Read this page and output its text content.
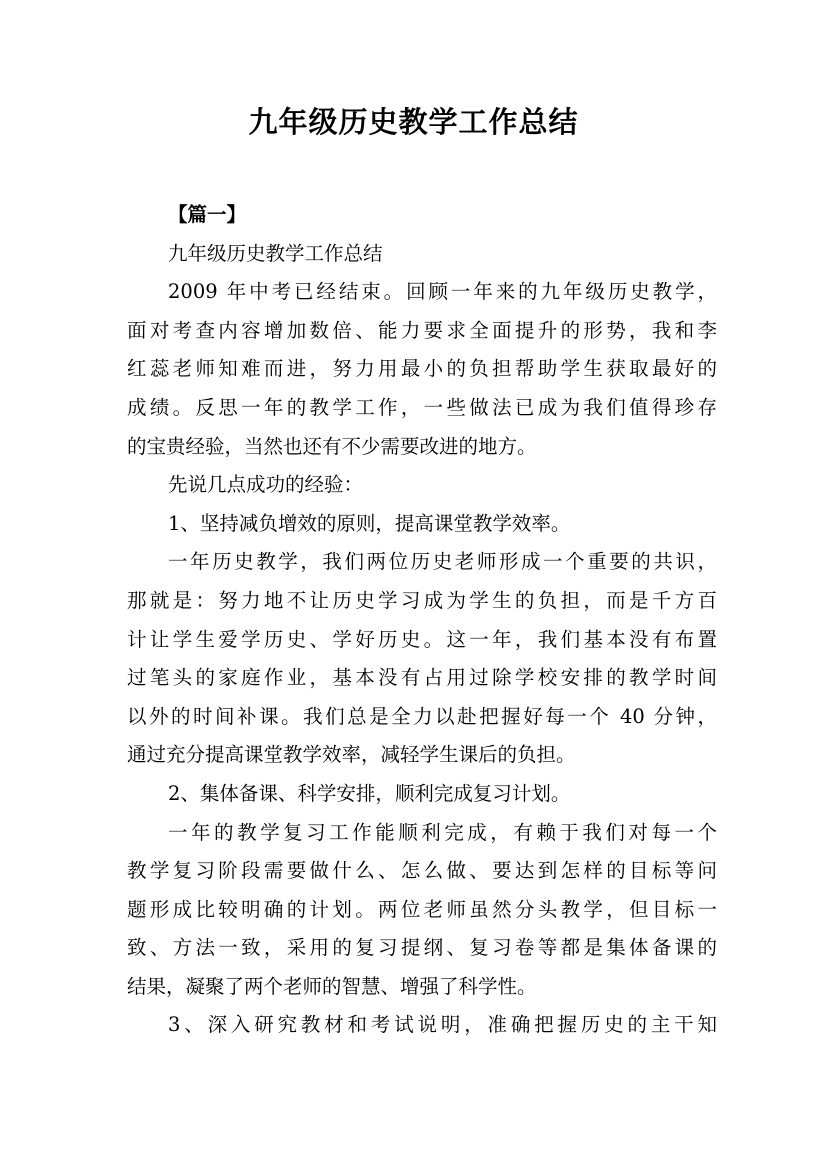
九年级历史教学工作总结
【篇一】
九年级历史教学工作总结
2009 年中考已经结束。回顾一年来的九年级历史教学，
面对考查内容增加数倍、能力要求全面提升的形势，我和李
红蕊老师知难而进，努力用最小的负担帮助学生获取最好的
成绩。反思一年的教学工作，一些做法已成为我们值得珍存
的宝贵经验，当然也还有不少需要改进的地方。
先说几点成功的经验：
1、坚持减负增效的原则，提高课堂教学效率。
一年历史教学，我们两位历史老师形成一个重要的共识，
那就是：努力地不让历史学习成为学生的负担，而是千方百
计让学生爱学历史、学好历史。这一年，我们基本没有布置
过笔头的家庭作业，基本没有占用过除学校安排的教学时间
以外的时间补课。我们总是全力以赴把握好每一个 40 分钟，
通过充分提高课堂教学效率，减轻学生课后的负担。
2、集体备课、科学安排，顺利完成复习计划。
一年的教学复习工作能顺利完成，有赖于我们对每一个
教学复习阶段需要做什么、怎么做、要达到怎样的目标等问
题形成比较明确的计划。两位老师虽然分头教学，但目标一
致、方法一致，采用的复习提纲、复习卷等都是集体备课的
结果，凝聚了两个老师的智慧、增强了科学性。
3、深入研究教材和考试说明，准确把握历史的主干知
